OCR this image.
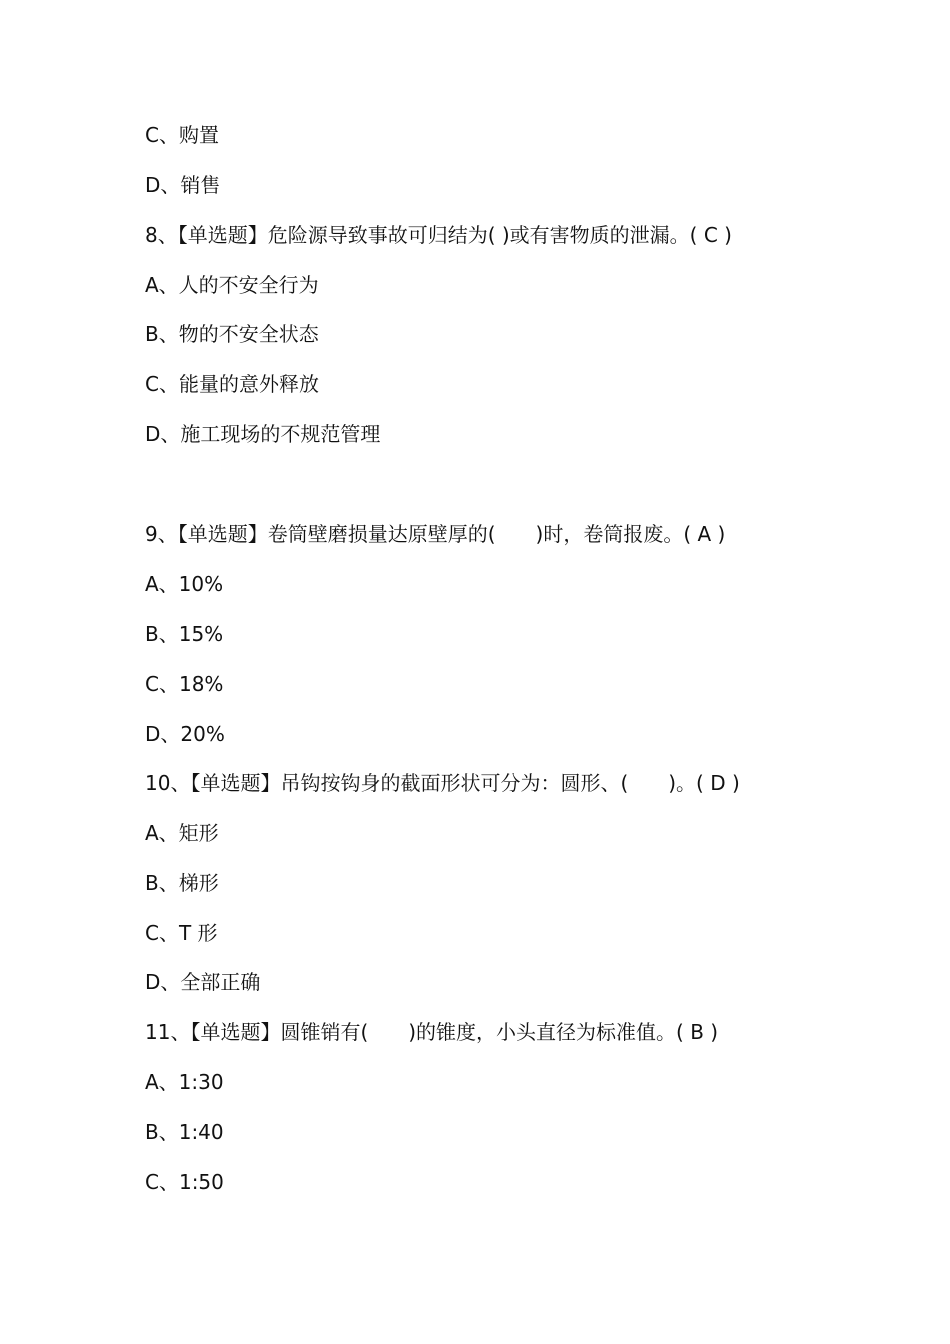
C、购置
D、销售
8、【单选题】危险源导致事故可归结为( )或有害物质的泄漏。( C )
A、人的不安全行为
B、物的不安全状态
C、能量的意外释放
D、施工现场的不规范管理
9、【单选题】卷筒壁磨损量达原壁厚的(　　)时，卷筒报废。( A )
A、10%
B、15%
C、18%
D、20%
10、【单选题】吊钩按钩身的截面形状可分为：圆形、(　　)。( D )
A、矩形
B、梯形
C、T 形
D、全部正确
11、【单选题】圆锥销有(　　)的锥度，小头直径为标准值。( B )
A、1:30
B、1:40
C、1:50
